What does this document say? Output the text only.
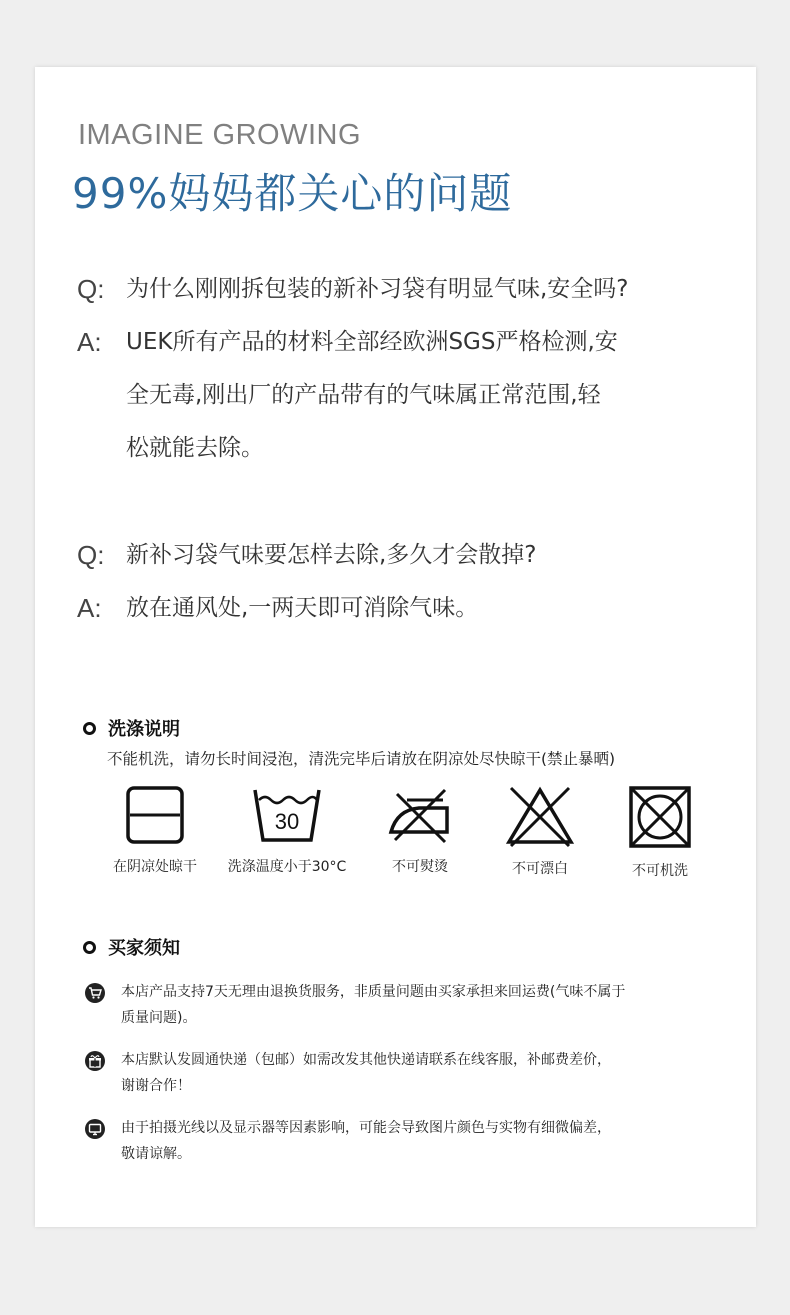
IMAGINE GROWING
99%妈妈都关心的问题
Q: 为什么刚刚拆包装的新补习袋有明显气味,安全吗?
A: UEK所有产品的材料全部经欧洲SGS严格检测,安
全无毒,刚出厂的产品带有的气味属正常范围,轻
松就能去除。
Q: 新补习袋气味要怎样去除,多久才会散掉?
A: 放在通风处,一两天即可消除气味。
洗涤说明
不能机洗，请勿长时间浸泡，清洗完毕后请放在阴凉处尽快晾干(禁止暴晒)
在阴凉处晾干
30
洗涤温度小于30°C	不可熨烫	不可漂白	不可机洗
买家须知
本店产品支持7天无理由退换货服务，非质量问题由买家承担来回运费(气味不属于
质量问题)。
本店默认发圆通快递（包邮）如需改发其他快递请联系在线客服，补邮费差价，
谢谢合作！
由于拍摄光线以及显示器等因素影响，可能会导致图片颜色与实物有细微偏差，
敬请谅解。
